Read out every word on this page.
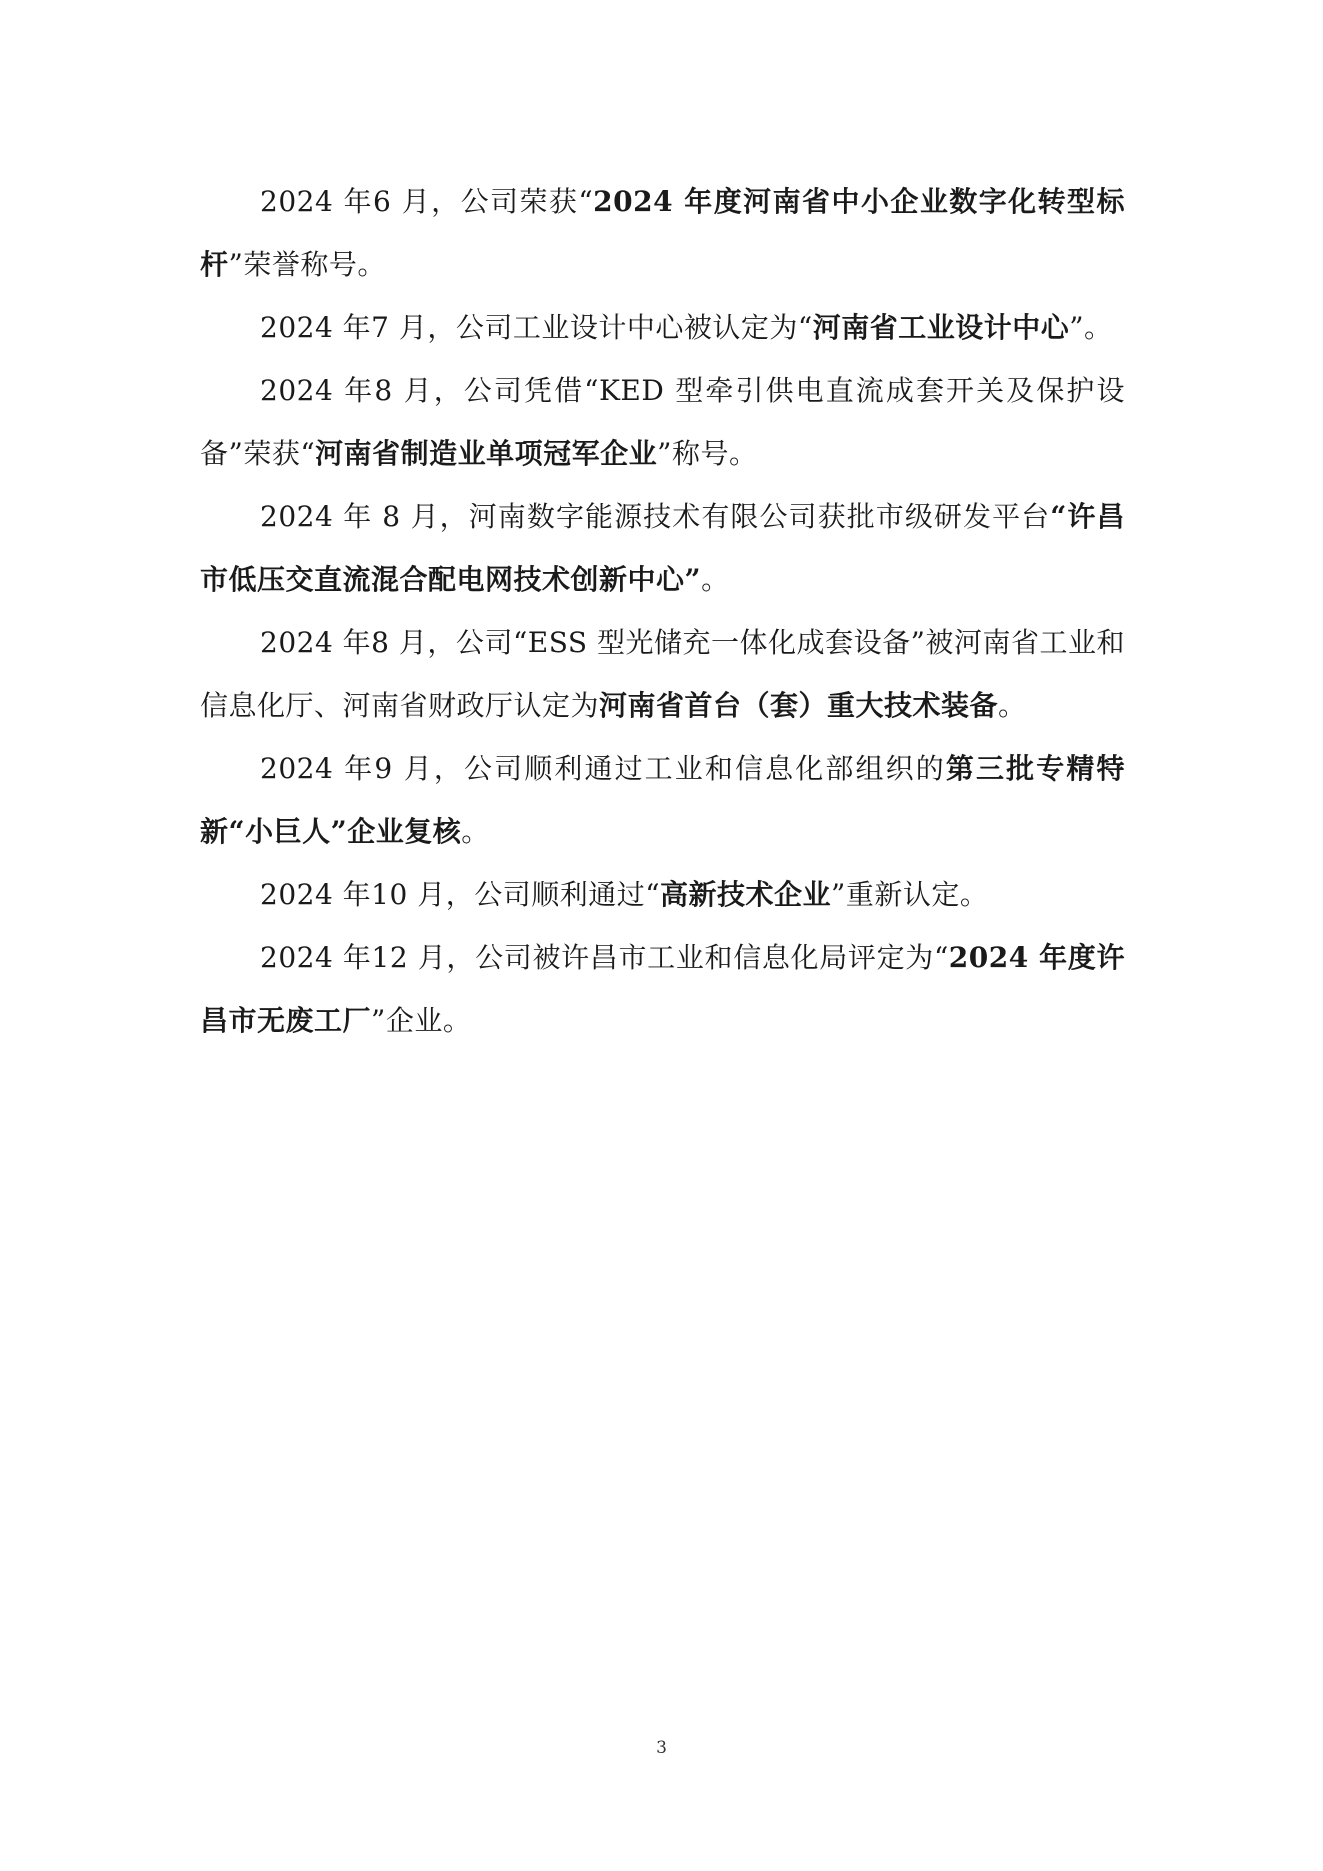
2024 年6 月，公司荣获“2024 年度河南省中小企业数字化转型标杆”荣誉称号。

2024 年7 月，公司工业设计中心被认定为“河南省工业设计中心”。

2024 年8 月，公司凭借“KED 型牵引供电直流成套开关及保护设备”荣获“河南省制造业单项冠军企业”称号。

2024 年 8 月，河南数字能源技术有限公司获批市级研发平台“许昌市低压交直流混合配电网技术创新中心”。

2024 年8 月，公司“ESS 型光储充一体化成套设备”被河南省工业和信息化厅、河南省财政厅认定为河南省首台（套）重大技术装备。

2024 年9 月，公司顺利通过工业和信息化部组织的第三批专精特新“小巨人”企业复核。

2024 年10 月，公司顺利通过“高新技术企业”重新认定。

2024 年12 月，公司被许昌市工业和信息化局评定为“2024 年度许昌市无废工厂”企业。

3
